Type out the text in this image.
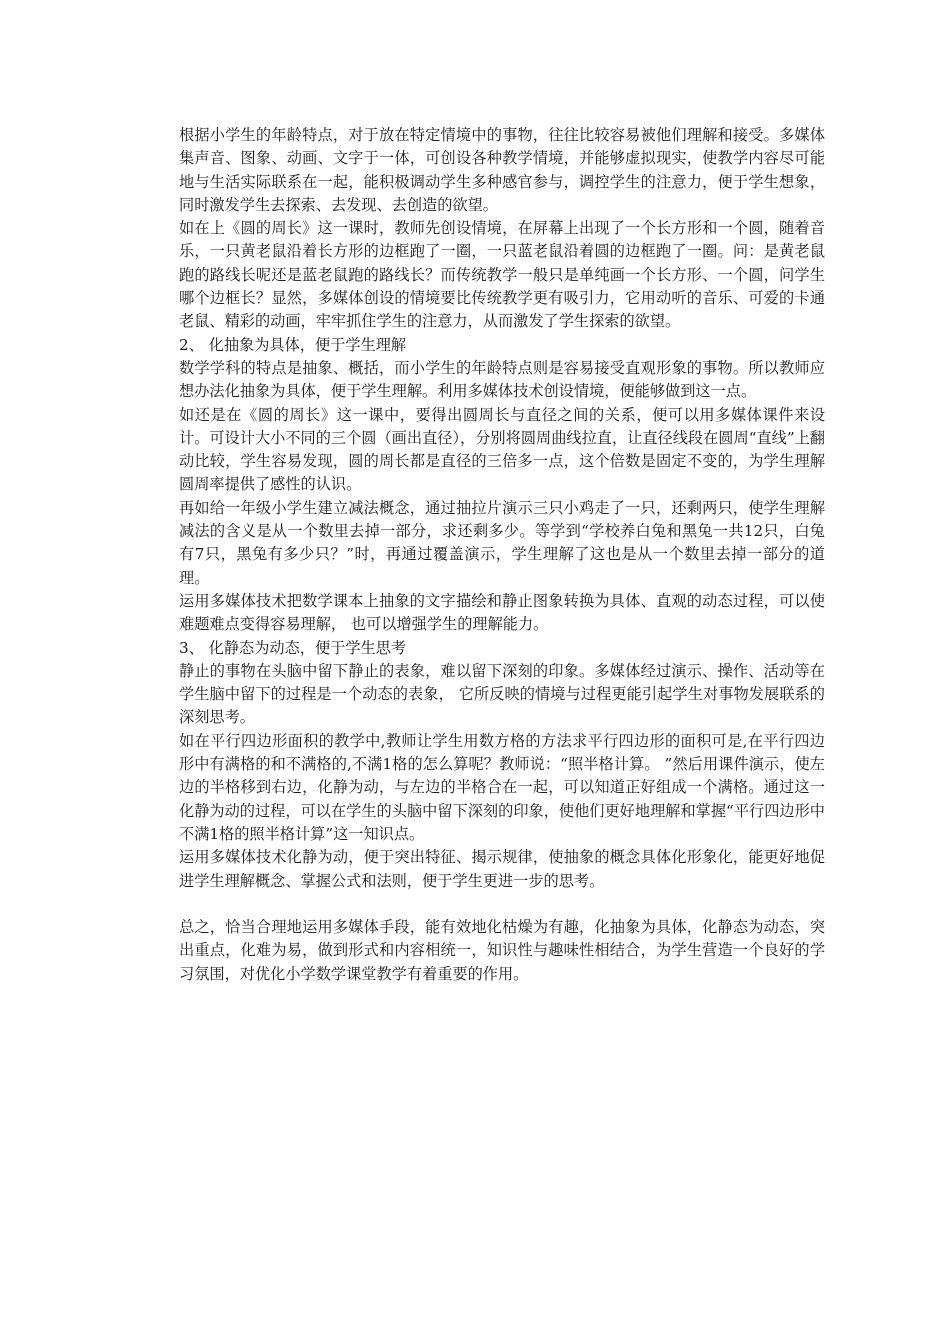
根据小学生的年龄特点，对于放在特定情境中的事物，往往比较容易被他们理解和接受。多媒体集声音、图象、动画、文字于一体，可创设各种教学情境，并能够虚拟现实，使教学内容尽可能地与生活实际联系在一起，能积极调动学生多种感官参与，调控学生的注意力，便于学生想象，同时激发学生去探索、去发现、去创造的欲望。

如在上《圆的周长》这一课时，教师先创设情境，在屏幕上出现了一个长方形和一个圆，随着音乐，一只黄老鼠沿着长方形的边框跑了一圈，一只蓝老鼠沿着圆的边框跑了一圈。问：是黄老鼠跑的路线长呢还是蓝老鼠跑的路线长？而传统教学一般只是单纯画一个长方形、一个圆，问学生哪个边框长？显然，多媒体创设的情境要比传统教学更有吸引力，它用动听的音乐、可爱的卡通老鼠、精彩的动画，牢牢抓住学生的注意力，从而激发了学生探索的欲望。

2、 化抽象为具体，便于学生理解

数学学科的特点是抽象、概括，而小学生的年龄特点则是容易接受直观形象的事物。所以教师应想办法化抽象为具体，便于学生理解。利用多媒体技术创设情境，便能够做到这一点。

如还是在《圆的周长》这一课中，要得出圆周长与直径之间的关系，便可以用多媒体课件来设计。可设计大小不同的三个圆（画出直径），分别将圆周曲线拉直，让直径线段在圆周“直线”上翻动比较，学生容易发现，圆的周长都是直径的三倍多一点，这个倍数是固定不变的，为学生理解圆周率提供了感性的认识。

再如给一年级小学生建立减法概念，通过抽拉片演示三只小鸡走了一只，还剩两只，使学生理解减法的含义是从一个数里去掉一部分，求还剩多少。等学到“学校养白兔和黑兔一共12只，白兔有7只，黑兔有多少只？”时，再通过覆盖演示，学生理解了这也是从一个数里去掉一部分的道理。

运用多媒体技术把数学课本上抽象的文字描绘和静止图象转换为具体、直观的动态过程，可以使难题难点变得容易理解， 也可以增强学生的理解能力。

3、 化静态为动态，便于学生思考

静止的事物在头脑中留下静止的表象，难以留下深刻的印象。多媒体经过演示、操作、活动等在学生脑中留下的过程是一个动态的表象， 它所反映的情境与过程更能引起学生对事物发展联系的深刻思考。

如在平行四边形面积的教学中,教师让学生用数方格的方法求平行四边形的面积可是,在平行四边形中有满格的和不满格的,不满1格的怎么算呢？教师说：“照半格计算。 ”然后用课件演示，使左边的半格移到右边，化静为动，与左边的半格合在一起，可以知道正好组成一个满格。通过这一化静为动的过程，可以在学生的头脑中留下深刻的印象，使他们更好地理解和掌握“平行四边形中不满1格的照半格计算”这一知识点。

运用多媒体技术化静为动，便于突出特征、揭示规律，使抽象的概念具体化形象化，能更好地促进学生理解概念、掌握公式和法则，便于学生更进一步的思考。

总之，恰当合理地运用多媒体手段，能有效地化枯燥为有趣，化抽象为具体，化静态为动态，突出重点，化难为易，做到形式和内容相统一，知识性与趣味性相结合，为学生营造一个良好的学习氛围，对优化小学数学课堂教学有着重要的作用。
